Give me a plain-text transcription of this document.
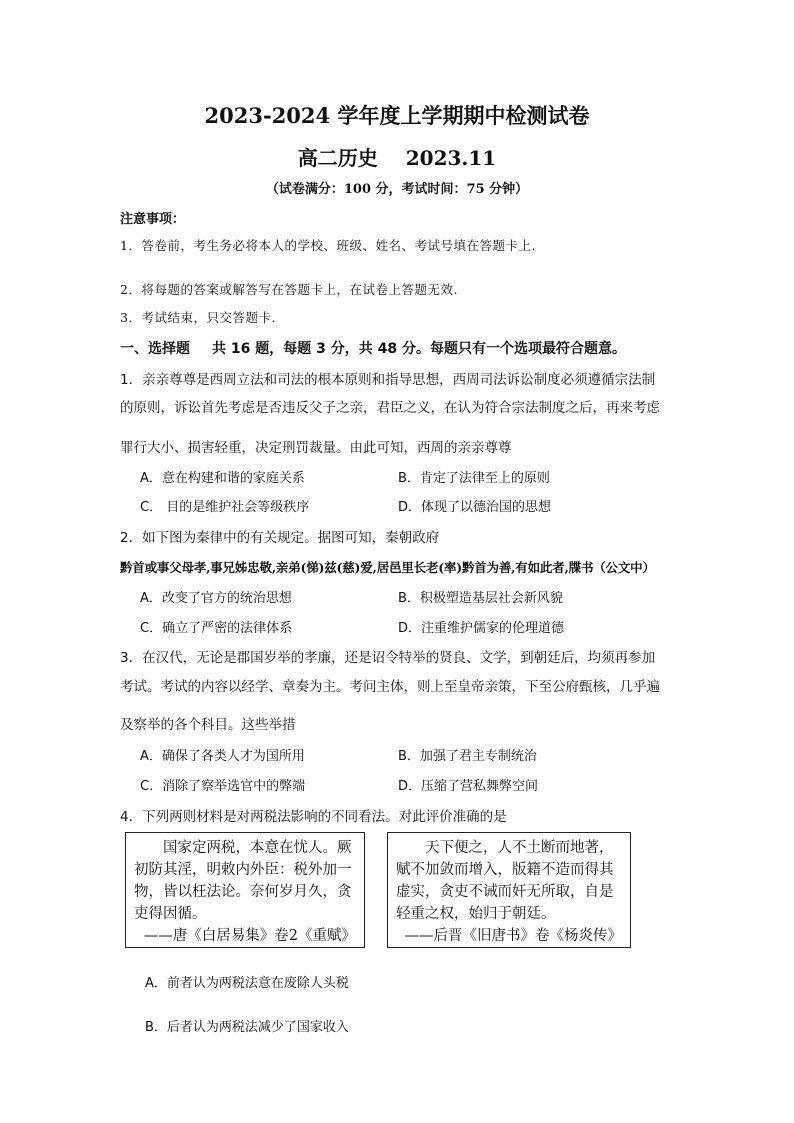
2023-2024 学年度上学期期中检测试卷
高二历史 2023.11
（试卷满分：100 分，考试时间：75 分钟）
注意事项：
1．答卷前，考生务必将本人的学校、班级、姓名、考试号填在答题卡上.
2．将每题的答案或解答写在答题卡上，在试卷上答题无效.
3．考试结束，只交答题卡.
一、选择题 共 16 题，每题 3 分，共 48 分。每题只有一个选项最符合题意。
1．亲亲尊尊是西周立法和司法的根本原则和指导思想，西周司法诉讼制度必须遵循宗法制
的原则，诉讼首先考虑是否违反父子之亲，君臣之义，在认为符合宗法制度之后，再来考虑
罪行大小、损害轻重，决定刑罚裁量。由此可知，西周的亲亲尊尊
A．意在构建和谐的家庭关系	B．肯定了法律至上的原则
C． 目的是维护社会等级秩序	D．体现了以德治国的思想
2．如下图为秦律中的有关规定。据图可知，秦朝政府
黔首或事父母孝,事兄姊忠敬,亲弟(悌)兹(慈)爱,居邑里长老(率)黔首为善,有如此者,牒书（公文中）
A．改变了官方的统治思想	B．积极塑造基层社会新风貌
C．确立了严密的法律体系	D．注重维护儒家的伦理道德
3．在汉代，无论是郡国岁举的孝廉，还是诏令特举的贤良、文学，到朝廷后，均须再参加
考试。考试的内容以经学、章奏为主。考问主体，则上至皇帝亲策，下至公府甄核，几乎遍
及察举的各个科目。这些举措
A．确保了各类人才为国所用	B．加强了君主专制统治
C．消除了察举选官中的弊端	D．压缩了营私舞弊空间
4．下列两则材料是对两税法影响的不同看法。对此评价准确的是

国家定两税，本意在忧人。厥

初防其淫，明敕内外臣：税外加一

物，皆以枉法论。奈何岁月久，贪

吏得因循。

——唐《白居易集》卷2《重赋》

天下便之，人不土断而地著，

赋不加敛而增入，版籍不造而得其

虚实，贪吏不诫而奸无所取，自是

轻重之权，始归于朝廷。

——后晋《旧唐书》卷《杨炎传》

A．前者认为两税法意在废除人头税
B．后者认为两税法减少了国家收入
